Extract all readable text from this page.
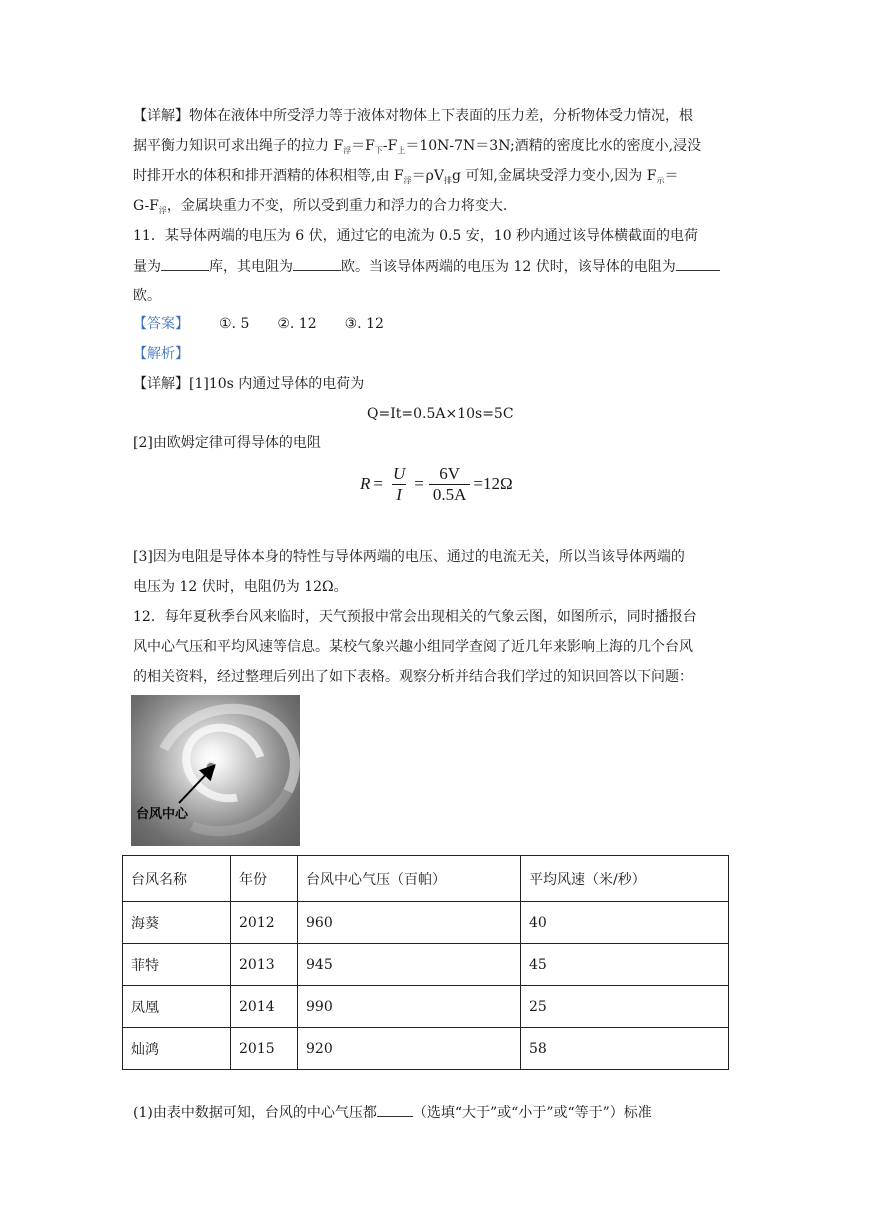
【详解】物体在液体中所受浮力等于液体对物体上下表面的压力差，分析物体受力情况，根
据平衡力知识可求出绳子的拉力 $F_浮=F_下-F_上=10N-7N=3N$;酒精的密度比水的密度小,浸没
时排开水的体积和排开酒精的体积相等,由 $F_浮=\rho V_排g$ 可知,金属块受浮力变小,因为 $F_示=$
$G-F_浮$，金属块重力不变，所以受到重力和浮力的合力将变大.
11．某导体两端的电压为 6 伏，通过它的电流为 0.5 安，10 秒内通过该导体横截面的电荷
量为	库，其电阻为	欧。当该导体两端的电压为 12 伏时，该导体的电阻为
欧。
【答案】 ①. 5　　②. 12　　③. 12
【解析】
【详解】[1]10s 内通过导体的电荷为
Q=It=0.5A×10s=5C
[2]由欧姆定律可得导体的电阻
$R = \frac{U}{I} = \frac{6V}{0.5A} =12\Omega$
[3]因为电阻是导体本身的特性与导体两端的电压、通过的电流无关，所以当该导体两端的
电压为 12 伏时，电阻仍为 12Ω。
12．每年夏秋季台风来临时，天气预报中常会出现相关的气象云图，如图所示，同时播报台
风中心气压和平均风速等信息。某校气象兴趣小组同学查阅了近几年来影响上海的几个台风
的相关资料，经过整理后列出了如下表格。观察分析并结合我们学过的知识回答以下问题：
台风中心
台风名称	年份	台风中心气压（百帕）	平均风速（米/秒）
海葵	2012	960	40
菲特	2013	945	45
凤凰	2014	990	25
灿鸿	2015	920	58
(1)由表中数据可知，台风的中心气压都	（选填“大于”或“小于”或“等于”）标准
